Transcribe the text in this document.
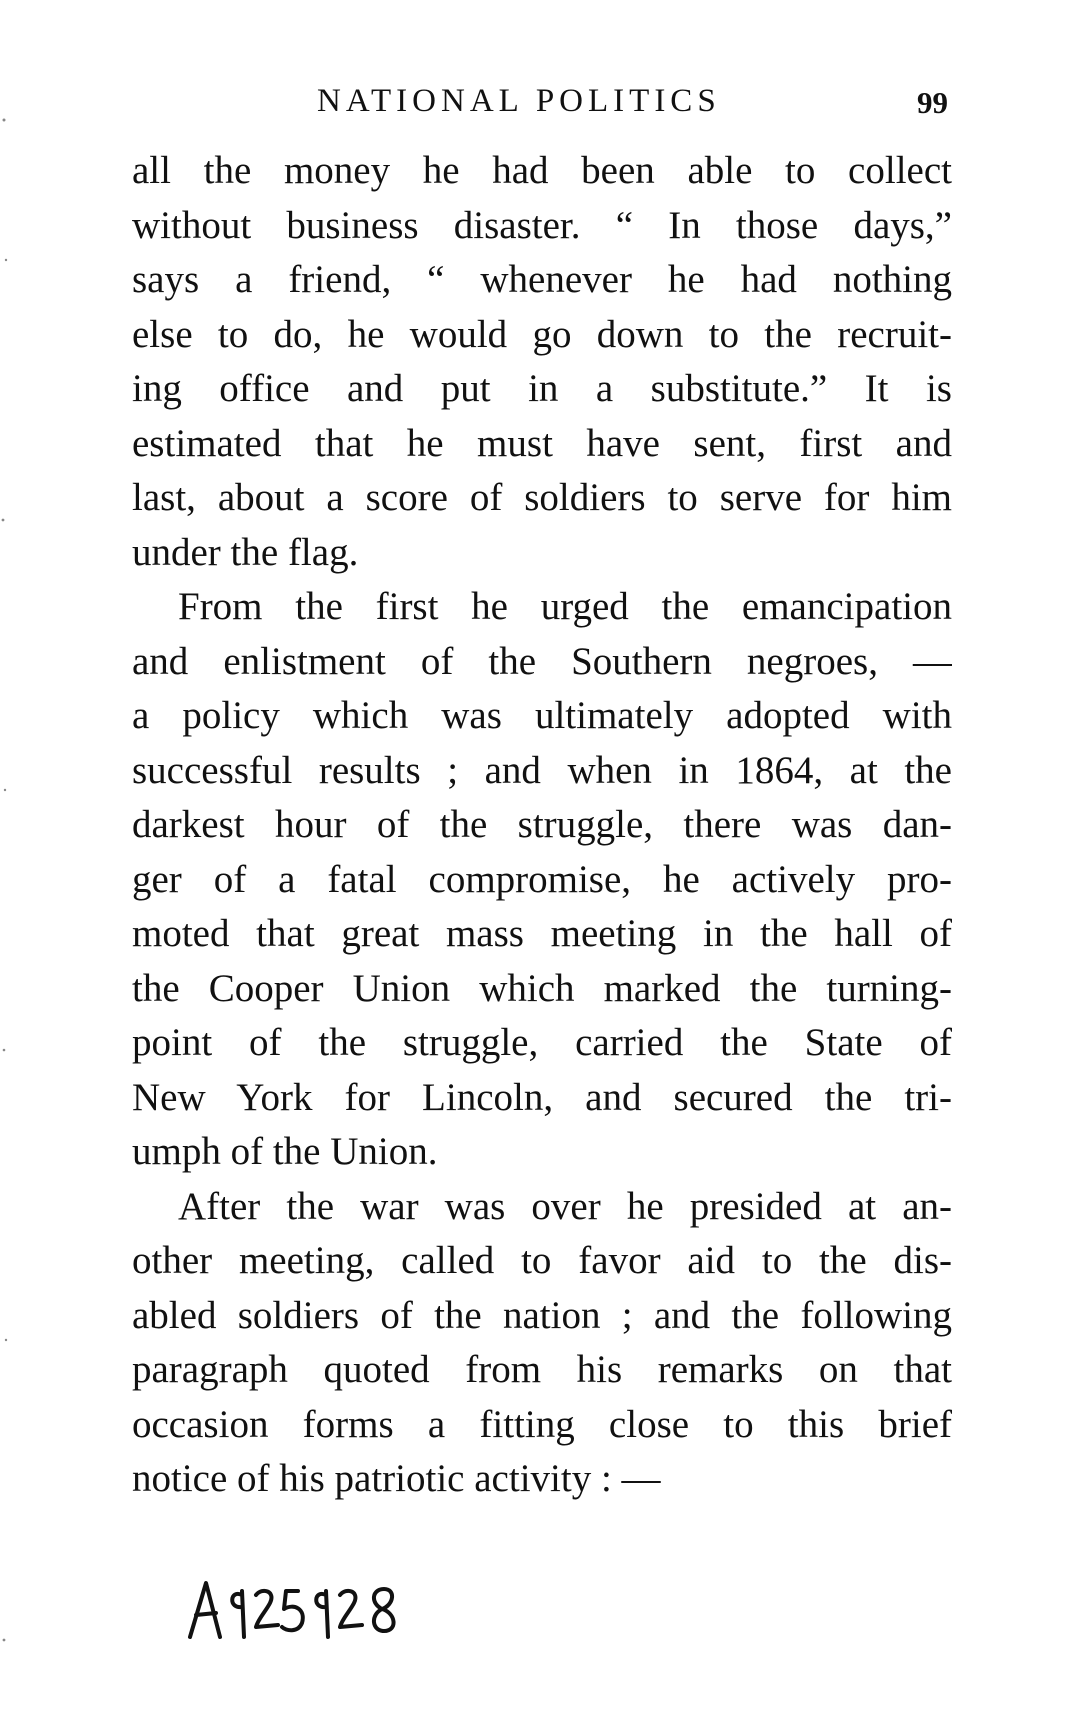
NATIONAL POLITICS	99
all the money he had been able to collect
without business disaster. “ In those days,”
says a friend, “ whenever he had nothing
else to do, he would go down to the recruit-
ing office and put in a substitute.” It is
estimated that he must have sent, first and
last, about a score of soldiers to serve for him
under the flag.
From the first he urged the emancipation
and enlistment of the Southern negroes, —
a policy which was ultimately adopted with
successful results ; and when in 1864, at the
darkest hour of the struggle, there was dan-
ger of a fatal compromise, he actively pro-
moted that great mass meeting in the hall of
the Cooper Union which marked the turning-
point of the struggle, carried the State of
New York for Lincoln, and secured the tri-
umph of the Union.
After the war was over he presided at an-
other meeting, called to favor aid to the dis-
abled soldiers of the nation ; and the following
paragraph quoted from his remarks on that
occasion forms a fitting close to this brief
notice of his patriotic activity : —
